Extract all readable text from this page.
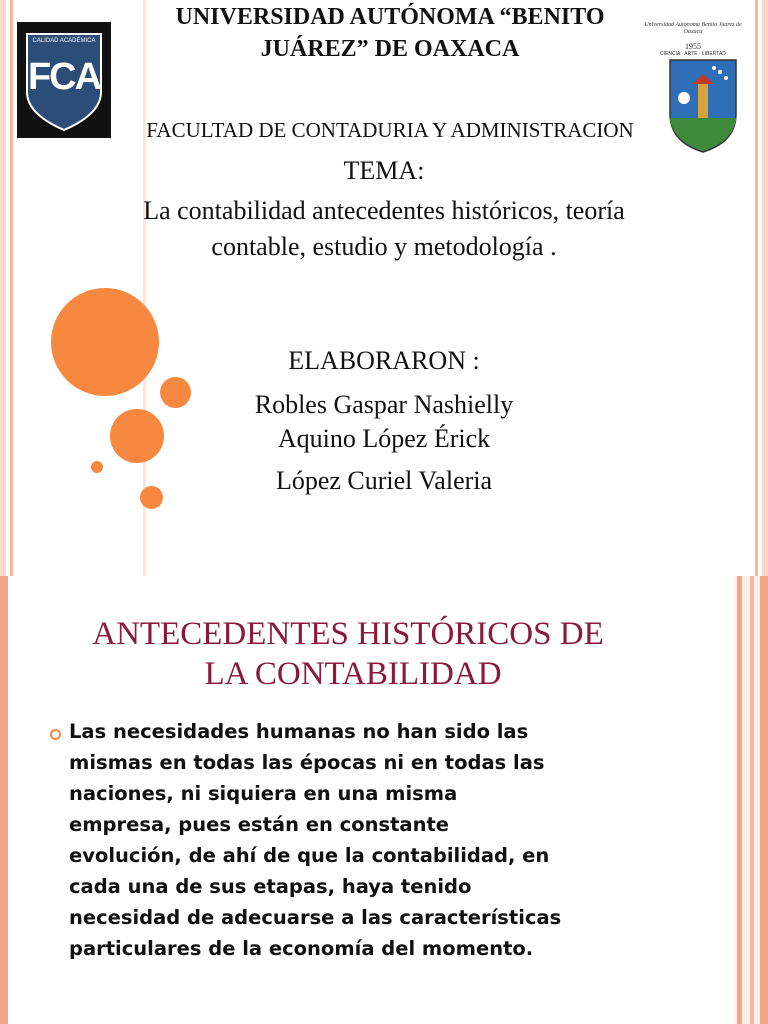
CALIDAD ACADÉMICA
FCA
Universidad Autónoma Benito Juárez de Oaxaca
1955
CIENCIA · ARTE · LIBERTAD
UNIVERSIDAD AUTÓNOMA “BENITO
JUÁREZ” DE OAXACA
FACULTAD DE CONTADURIA Y ADMINISTRACION
TEMA:
La contabilidad antecedentes históricos, teoría
contable, estudio y metodología .
ELABORARON :
Robles Gaspar Nashielly
Aquino López Érick
López Curiel Valeria
ANTECEDENTES HISTÓRICOS DE
LA CONTABILIDAD
Las necesidades humanas no han sido las
mismas en todas las épocas ni en todas las
naciones, ni siquiera en una misma
empresa, pues están en constante
evolución, de ahí de que la contabilidad, en
cada una de sus etapas, haya tenido
necesidad de adecuarse a las características
particulares de la economía del momento.
